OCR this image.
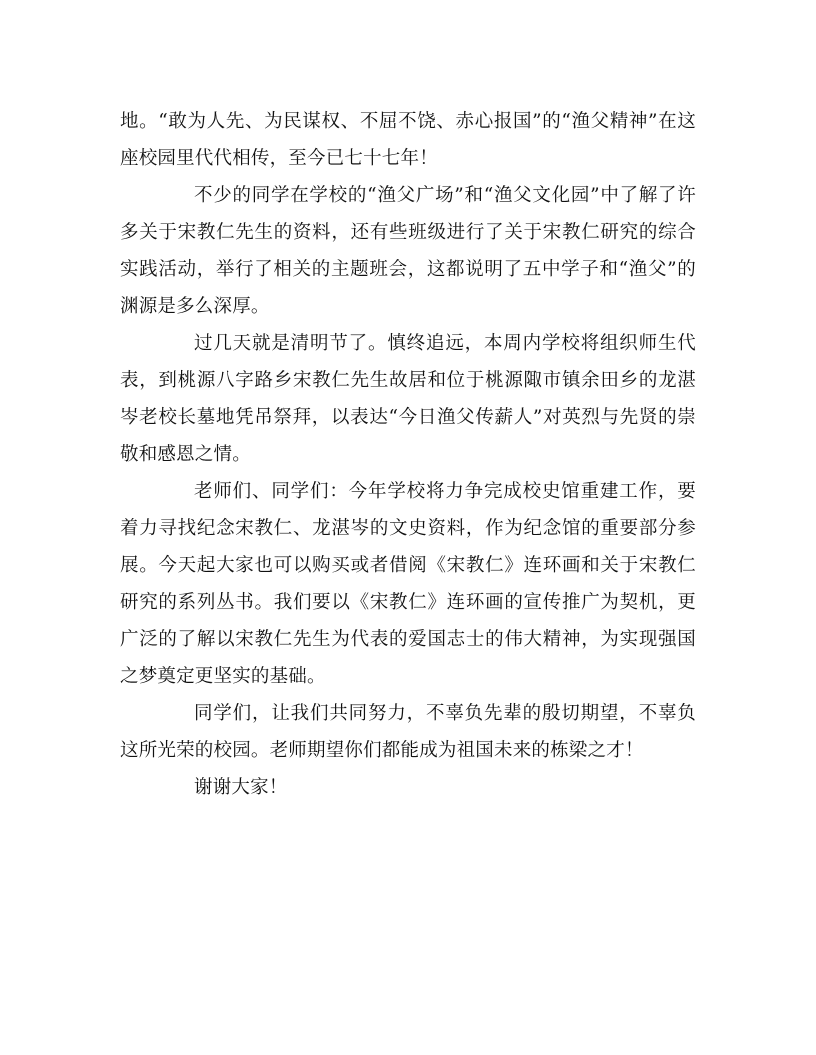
地。“敢为人先、为民谋权、不屈不饶、赤心报国”的“渔父精神”在这座校园里代代相传，至今已七十七年！

不少的同学在学校的“渔父广场”和“渔父文化园”中了解了许多关于宋教仁先生的资料，还有些班级进行了关于宋教仁研究的综合实践活动，举行了相关的主题班会，这都说明了五中学子和“渔父”的渊源是多么深厚。

过几天就是清明节了。慎终追远，本周内学校将组织师生代表，到桃源八字路乡宋教仁先生故居和位于桃源陬市镇余田乡的龙湛岑老校长墓地凭吊祭拜，以表达“今日渔父传薪人”对英烈与先贤的崇敬和感恩之情。

老师们、同学们：今年学校将力争完成校史馆重建工作，要着力寻找纪念宋教仁、龙湛岑的文史资料，作为纪念馆的重要部分参展。今天起大家也可以购买或者借阅《宋教仁》连环画和关于宋教仁研究的系列丛书。我们要以《宋教仁》连环画的宣传推广为契机，更广泛的了解以宋教仁先生为代表的爱国志士的伟大精神，为实现强国之梦奠定更坚实的基础。

同学们，让我们共同努力，不辜负先辈的殷切期望，不辜负这所光荣的校园。老师期望你们都能成为祖国未来的栋梁之才！

谢谢大家！
